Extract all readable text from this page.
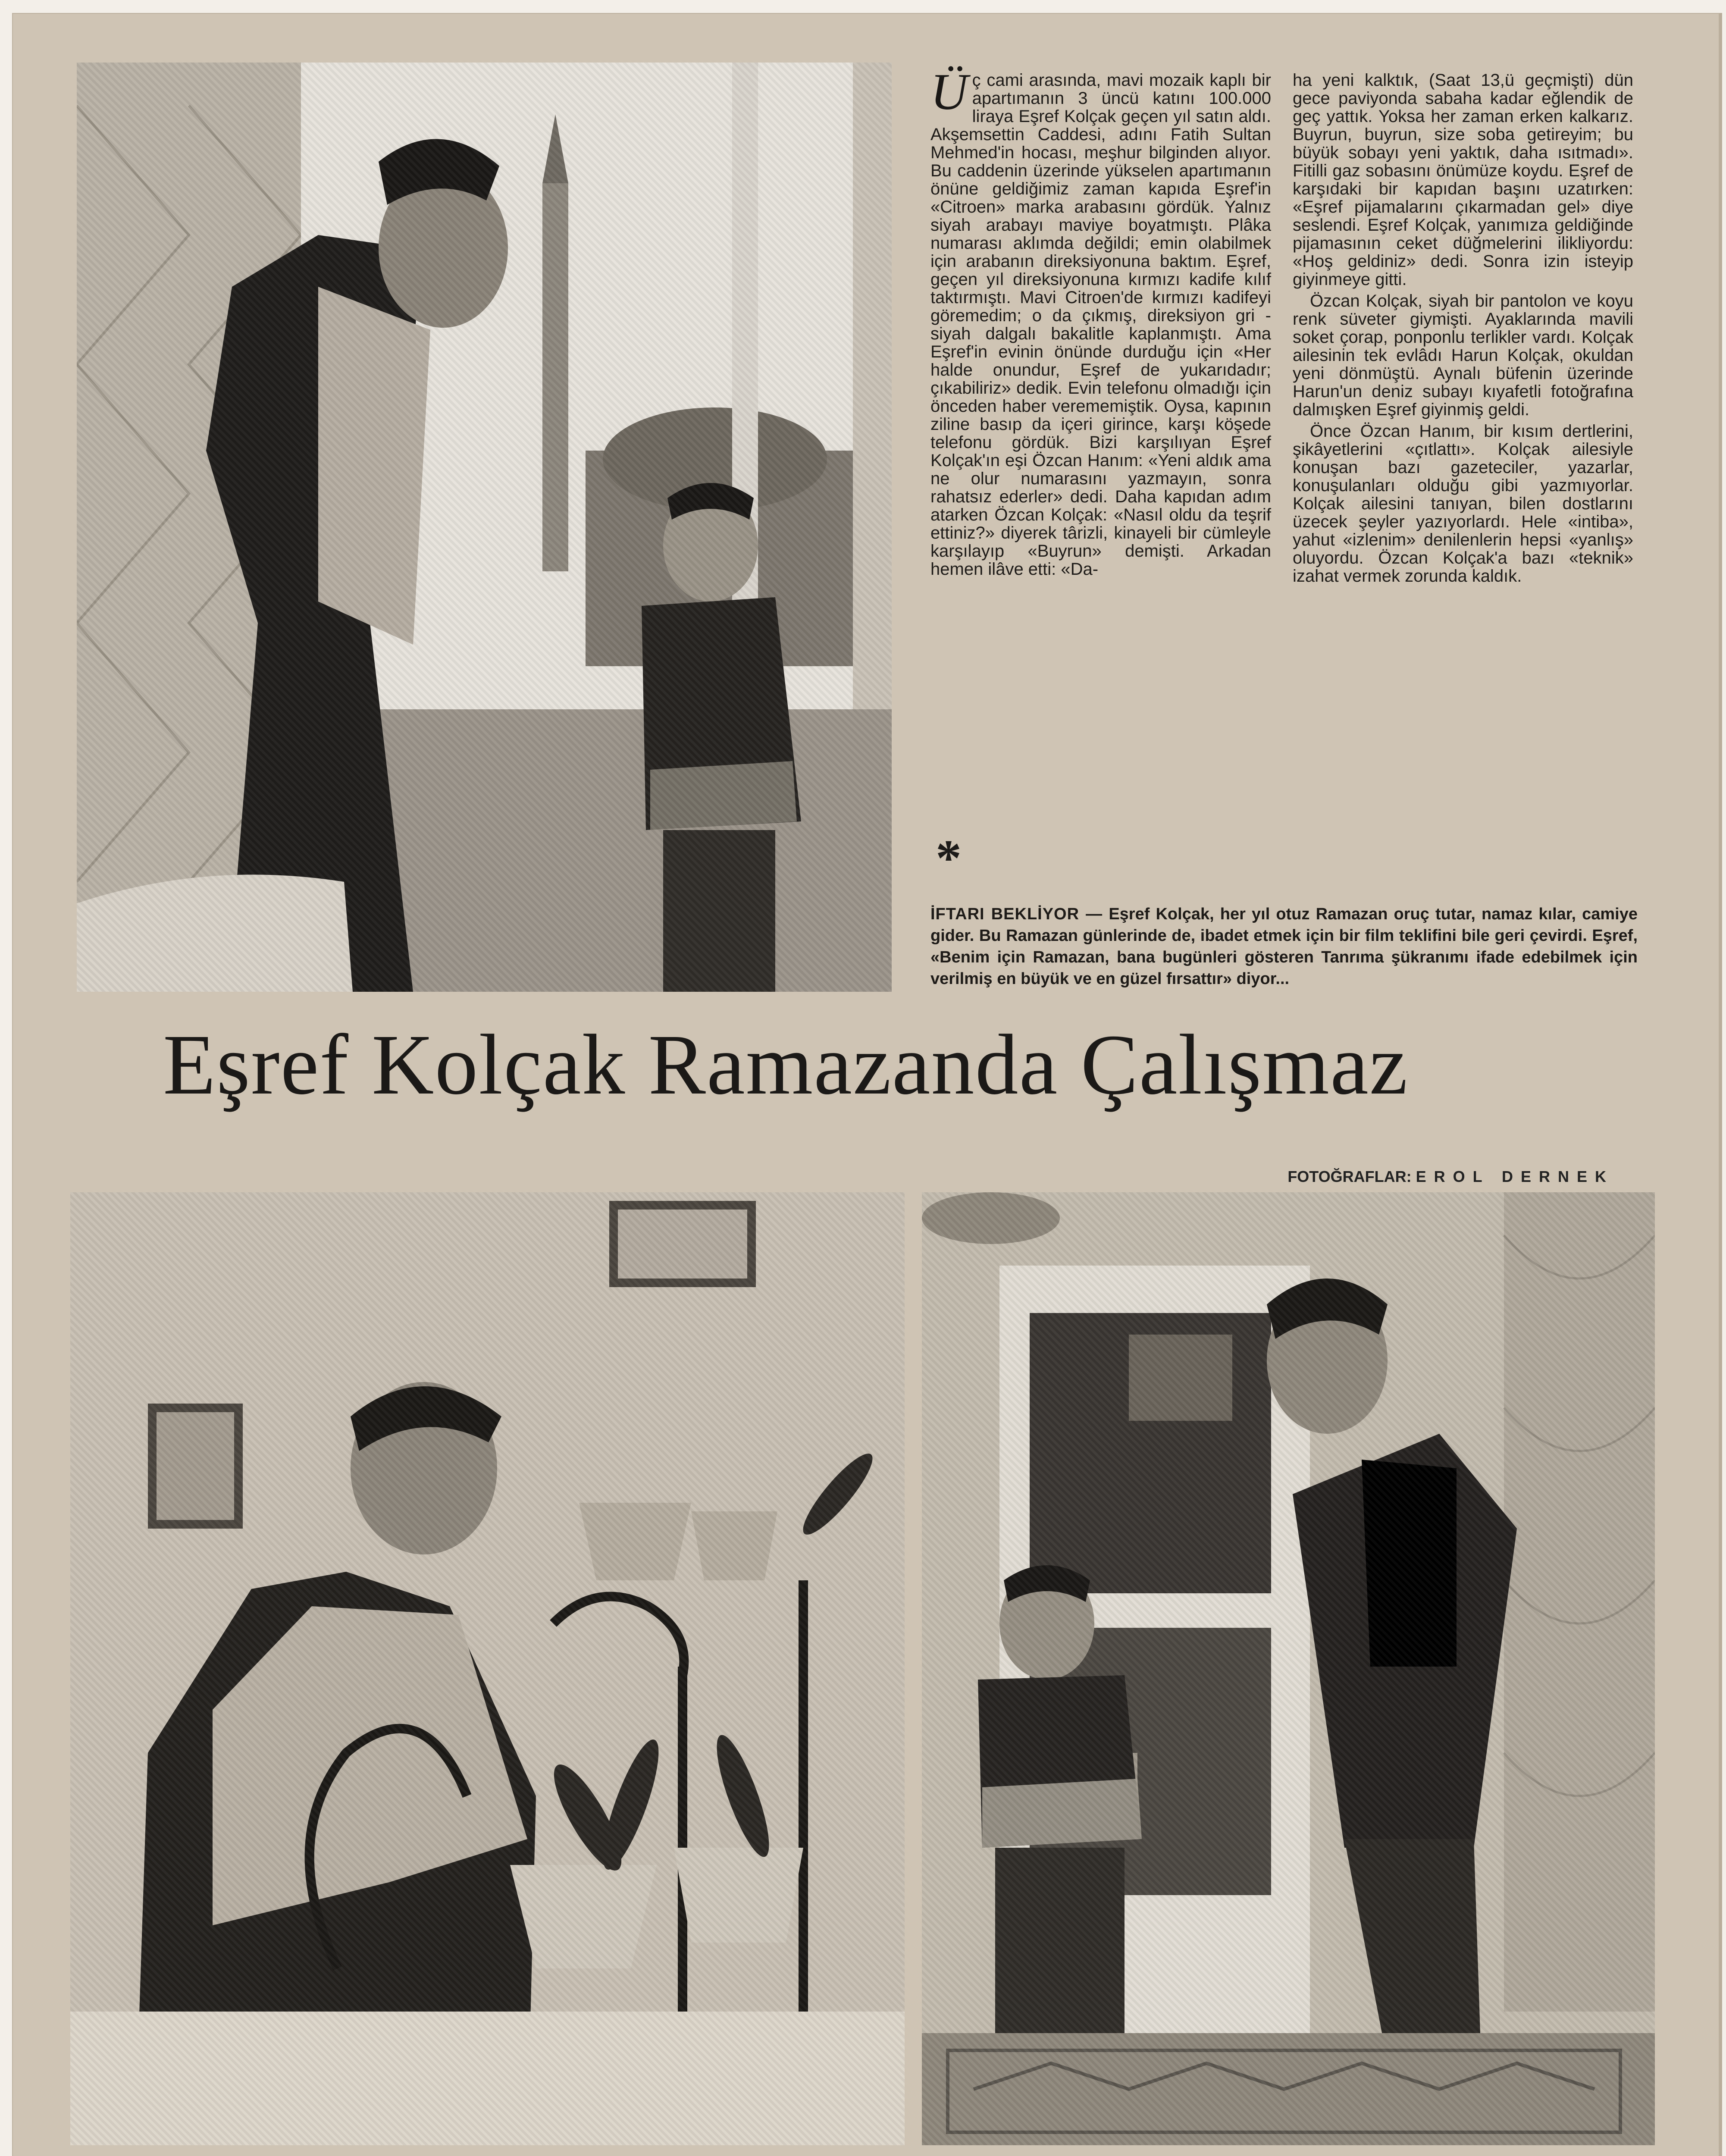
Üç cami arasında, mavi mozaik kaplı bir apartımanın 3 üncü katını 100.000 liraya Eşref Kolçak geçen yıl satın aldı. Akşemsettin Caddesi, adını Fatih Sultan Mehmed'in hocası, meşhur bilginden alıyor. Bu caddenin üzerinde yükselen apartımanın önüne geldiğimiz zaman kapıda Eşref'in «Citroen» marka arabasını gördük. Yalnız siyah arabayı maviye boyatmıştı. Plâka numarası aklımda değildi; emin olabilmek için arabanın direksiyonuna baktım. Eşref, geçen yıl direksiyonuna kırmızı kadife kılıf taktırmıştı. Mavi Citroen'de kırmızı kadifeyi göremedim; o da çıkmış, direksiyon gri - siyah dalgalı bakalitle kaplanmıştı. Ama Eşref'in evinin önünde durduğu için «Her halde onundur, Eşref de yukarıdadır; çıkabiliriz» dedik. Evin telefonu olmadığı için önceden haber verememiştik. Oysa, kapının ziline basıp da içeri girince, karşı köşede telefonu gördük. Bizi karşılıyan Eşref Kolçak'ın eşi Özcan Hanım: «Yeni aldık ama ne olur numarasını yazmayın, sonra rahatsız ederler» dedi. Daha kapıdan adım atarken Özcan Kolçak: «Nasıl oldu da teşrif ettiniz?» diyerek târizli, kinayeli bir cümleyle karşılayıp «Buyrun» demişti. Arkadan hemen ilâve etti: «Da-

ha yeni kalktık, (Saat 13,ü geçmişti) dün gece paviyonda sabaha kadar eğlendik de geç yattık. Yoksa her zaman erken kalkarız. Buyrun, buyrun, size soba getireyim; bu büyük sobayı yeni yaktık, daha ısıtmadı». Fitilli gaz sobasını önümüze koydu. Eşref de karşıdaki bir kapıdan başını uzatırken: «Eşref pijamalarını çıkarmadan gel» diye seslendi. Eşref Kolçak, yanımıza geldiğinde pijamasının ceket düğmelerini ilikliyordu: «Hoş geldiniz» dedi. Sonra izin isteyip giyinmeye gitti.

Özcan Kolçak, siyah bir pantolon ve koyu renk süveter giymişti. Ayaklarında mavili soket çorap, ponponlu terlikler vardı. Kolçak ailesinin tek evlâdı Harun Kolçak, okuldan yeni dönmüştü. Aynalı büfenin üzerinde Harun'un deniz subayı kıyafetli fotoğrafına dalmışken Eşref giyinmiş geldi.

Önce Özcan Hanım, bir kısım dertlerini, şikâyetlerini «çıtlattı». Kolçak ailesiyle konuşan bazı gazeteciler, yazarlar, konuşulanları olduğu gibi yazmıyorlar. Kolçak ailesini tanıyan, bilen dostlarını üzecek şeyler yazıyorlardı. Hele «intiba», yahut «izlenim» denilenlerin hepsi «yanlış» oluyordu. Özcan Kolçak'a bazı «teknik» izahat vermek zorunda kaldık.

*
İFTARI BEKLİYOR — Eşref Kolçak, her yıl otuz Ramazan oruç tutar, namaz kılar, camiye gider. Bu Ramazan günlerinde de, ibadet etmek için bir film teklifini bile geri çevirdi. Eşref, «Benim için Ramazan, bana bugünleri gösteren Tanrıma şükranımı ifade edebilmek için verilmiş en büyük ve en güzel fırsattır» diyor...
Eşref Kolçak Ramazanda Çalışmaz
FOTOĞRAFLAR: EROL DERNEK
